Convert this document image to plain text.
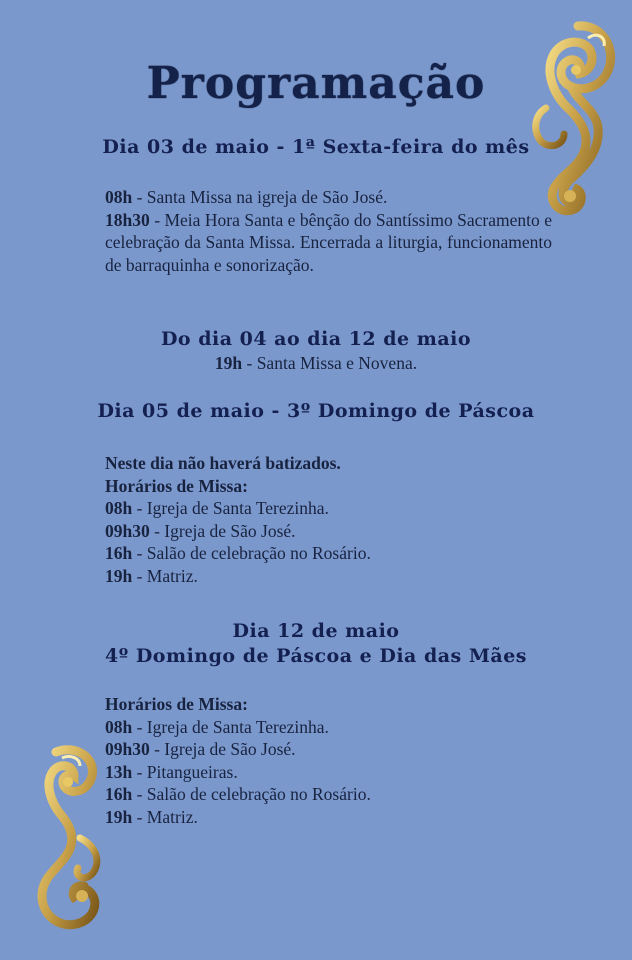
Programação
Dia 03 de maio - 1ª Sexta-feira do mês
08h - Santa Missa na igreja de São José.
18h30 - Meia Hora Santa e bênção do Santíssimo Sacramento e celebração da Santa Missa. Encerrada a liturgia, funcionamento de barraquinha e sonorização.
Do dia 04 ao dia 12 de maio
19h - Santa Missa e Novena.
Dia 05 de maio - 3º Domingo de Páscoa
Neste dia não haverá batizados.
Horários de Missa:
08h - Igreja de Santa Terezinha.
09h30 - Igreja de São José.
16h - Salão de celebração no Rosário.
19h - Matriz.
Dia 12 de maio
4º Domingo de Páscoa e Dia das Mães
Horários de Missa:
08h - Igreja de Santa Terezinha.
09h30 - Igreja de São José.
13h - Pitangueiras.
16h - Salão de celebração no Rosário.
19h - Matriz.
